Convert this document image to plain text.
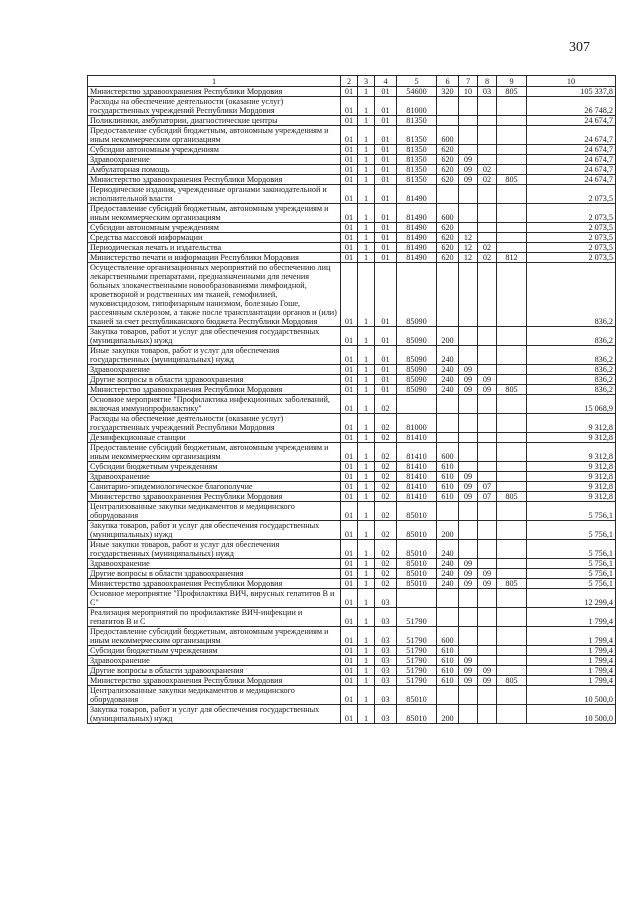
307
1	2	3	4	5	6	7	8	9	10
Министерство здравоохранения Республики Мордовия	01	1	01	54600	320	10	03	805	105 337,8
Расходы на обеспечение деятельности (оказание услуг) государственных учреждений Республики Мордовия	01	1	01	81000					26 748,2
Поликлиники, амбулатории, диагностические центры	01	1	01	81350					24 674,7
Предоставление субсидий бюджетным, автономным учреждениям и иным некоммерческим организациям	01	1	01	81350	600				24 674,7
Субсидии автономным учреждениям	01	1	01	81350	620				24 674,7
Здравоохранение	01	1	01	81350	620	09			24 674,7
Амбулаторная помощь	01	1	01	81350	620	09	02		24 674,7
Министерство здравоохранения Республики Мордовия	01	1	01	81350	620	09	02	805	24 674,7
Периодические издания, учрежденные органами законодательной и исполнительной власти	01	1	01	81490					2 073,5
Предоставление субсидий бюджетным, автономным учреждениям и иным некоммерческим организациям	01	1	01	81490	600				2 073,5
Субсидии автономным учреждениям	01	1	01	81490	620				2 073,5
Средства массовой информации	01	1	01	81490	620	12			2 073,5
Периодическая печать и издательства	01	1	01	81490	620	12	02		2 073,5
Министерство печати и информации Республики Мордовия	01	1	01	81490	620	12	02	812	2 073,5
Осуществление организационных мероприятий по обеспечению лиц лекарственными препаратами, предназначенными для лечения больных злокачественными новообразованиями лимфоидной, кроветворной и родственных им тканей, гемофилией, муковисцидозом, гипофизарным нанизмом, болезнью Гоше, рассеянным склерозом, а также после трансплантации органов и (или) тканей за счет республиканского бюджета Республики Мордовия	01	1	01	85090					836,2
Закупка товаров, работ и услуг для обеспечения государственных (муниципальных) нужд	01	1	01	85090	200				836,2
Иные закупки товаров, работ и услуг для обеспечения государственных (муниципальных) нужд	01	1	01	85090	240				836,2
Здравоохранение	01	1	01	85090	240	09			836,2
Другие вопросы в области здравоохранения	01	1	01	85090	240	09	09		836,2
Министерство здравоохранения Республики Мордовия	01	1	01	85090	240	09	09	805	836,2
Основное мероприятие "Профилактика инфекционных заболеваний, включая иммунопрофилактику"	01	1	02						15 068,9
Расходы на обеспечение деятельности (оказание услуг) государственных учреждений Республики Мордовия	01	1	02	81000					9 312,8
Дезинфекционные станции	01	1	02	81410					9 312,8
Предоставление субсидий бюджетным, автономным учреждениям и иным некоммерческим организациям	01	1	02	81410	600				9 312,8
Субсидии бюджетным учреждениям	01	1	02	81410	610				9 312,8
Здравоохранение	01	1	02	81410	610	09			9 312,8
Санитарно-эпидемиологическое благополучие	01	1	02	81410	610	09	07		9 312,8
Министерство здравоохранения Республики Мордовия	01	1	02	81410	610	09	07	805	9 312,8
Централизованные закупки медикаментов и медицинского оборудования	01	1	02	85010					5 756,1
Закупка товаров, работ и услуг для обеспечения государственных (муниципальных) нужд	01	1	02	85010	200				5 756,1
Иные закупки товаров, работ и услуг для обеспечения государственных (муниципальных) нужд	01	1	02	85010	240				5 756,1
Здравоохранение	01	1	02	85010	240	09			5 756,1
Другие вопросы в области здравоохранения	01	1	02	85010	240	09	09		5 756,1
Министерство здравоохранения Республики Мордовия	01	1	02	85010	240	09	09	805	5 756,1
Основное мероприятие "Профилактика ВИЧ, вирусных гепатитов В и С"	01	1	03						12 299,4
Реализация мероприятий по профилактике ВИЧ-инфекции и гепатитов В и С	01	1	03	51790					1 799,4
Предоставление субсидий бюджетным, автономным учреждениям и иным некоммерческим организациям	01	1	03	51790	600				1 799,4
Субсидии бюджетным учреждениям	01	1	03	51790	610				1 799,4
Здравоохранение	01	1	03	51790	610	09			1 799,4
Другие вопросы в области здравоохранения	01	1	03	51790	610	09	09		1 799,4
Министерство здравоохранения Республики Мордовия	01	1	03	51790	610	09	09	805	1 799,4
Централизованные закупки медикаментов и медицинского оборудования	01	1	03	85010					10 500,0
Закупка товаров, работ и услуг для обеспечения государственных (муниципальных) нужд	01	1	03	85010	200				10 500,0
